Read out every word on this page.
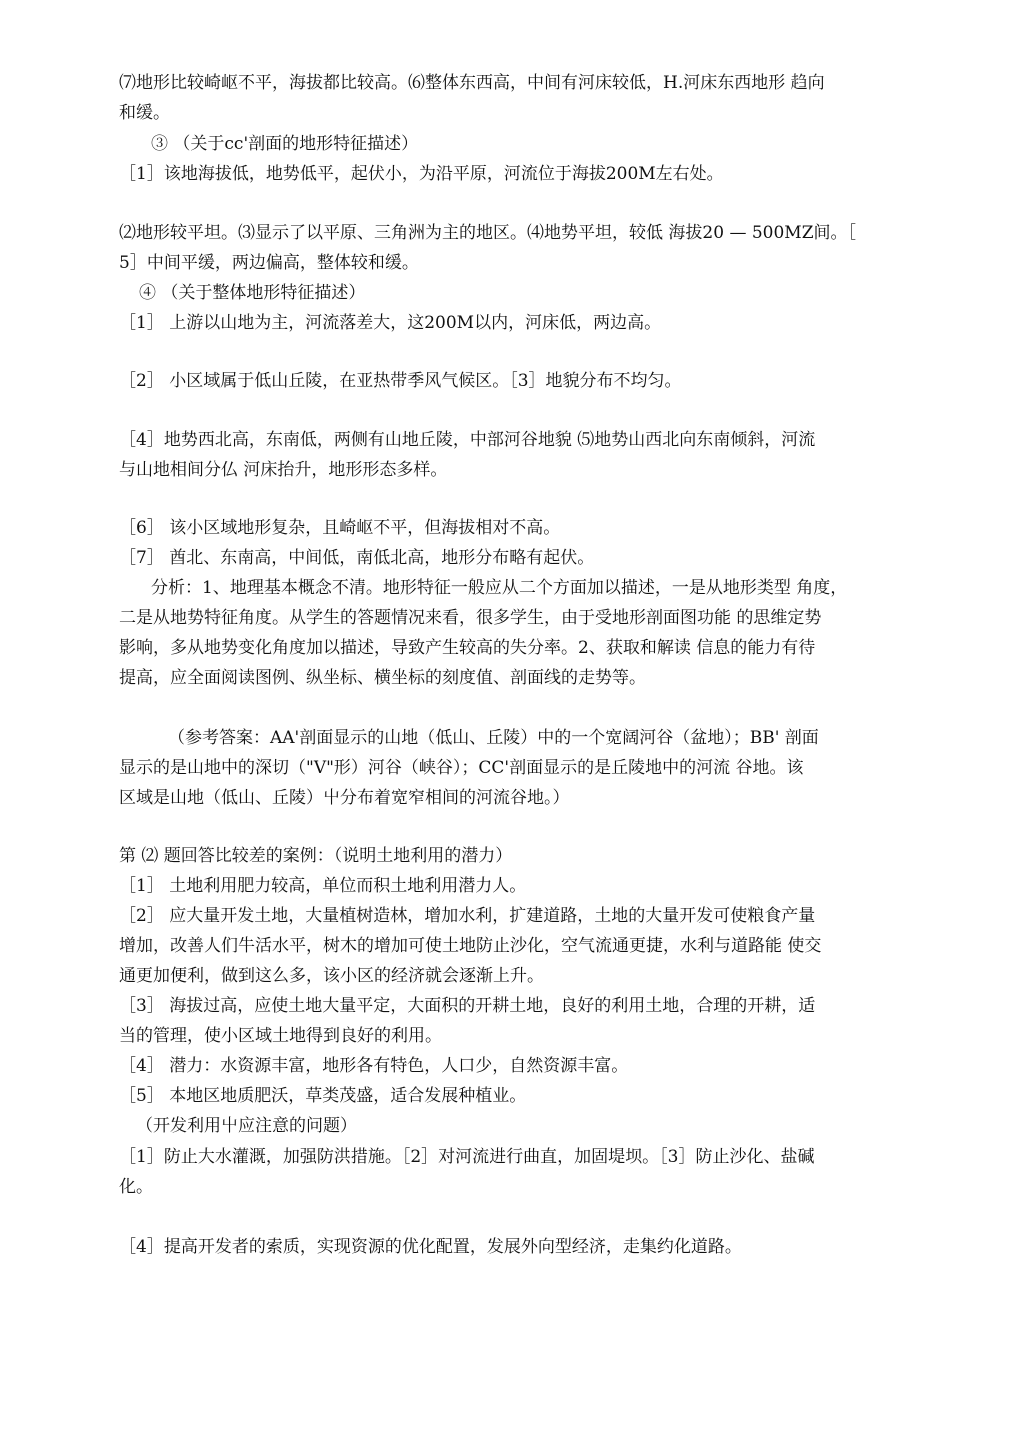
⑺地形比较崎岖不平，海拔都比较高。⑹整体东西高，中间有河床较低，H.河床东西地形 趋向
和缓。
③ （关于cc'剖面的地形特征描述）
［1］该地海拔低，地势低平，起伏小，为沿平原，河流位于海拔200M左右处。
⑵地形较平坦。⑶显示了以平原、三角洲为主的地区。⑷地势平坦，较低 海拔20 — 500MZ间。［
5］中间平缓，两边偏高，整体较和缓。
④ （关于整体地形特征描述）
［1］ 上游以山地为主，河流落差大，这200M以内，河床低，两边高。
［2］ 小区域属于低山丘陵，在亚热带季风气候区。［3］地貌分布不均匀。
［4］地势西北高，东南低，两侧有山地丘陵，中部河谷地貌 ⑸地势山西北向东南倾斜，河流
与山地相间分仏 河床抬升，地形形态多样。
［6］ 该小区域地形复杂，且崎岖不平，但海拔相对不高。
［7］ 酋北、东南高，中间低，南低北高，地形分布略有起伏。
分析：1、地理基本概念不清。地形特征一般应从二个方面加以描述，一是从地形类型 角度，
二是从地势特征角度。从学生的答题情况来看，很多学生，由于受地形剖面图功能 的思维定势
影响，多从地势变化角度加以描述，导致产生较高的失分率。2、获取和解读 信息的能力有待
提高，应全面阅读图例、纵坐标、横坐标的刻度值、剖面线的走势等。
（参考答案：AA'剖面显示的山地（低山、丘陵）中的一个宽阔河谷（盆地）；BB' 剖面
显示的是山地中的深切（"V"形）河谷（峡谷）；CC'剖面显示的是丘陵地中的河流 谷地。该
区域是山地（低山、丘陵）屮分布着宽窄相间的河流谷地。）
第 ⑵ 题回答比较差的案例：（说明土地利用的潜力）
［1］ 土地利用肥力较高，单位而积土地利用潜力人。
［2］ 应大量开发土地，大量植树造林，增加水利，扩建道路，土地的大量开发可使粮食产量
增加，改善人们牛活水平，树木的增加可使土地防止沙化，空气流通更捷，水利与道路能 使交
通更加便利，做到这么多，该小区的经济就会逐渐上升。
［3］ 海拔过高，应使土地大量平定，大面积的开耕土地，良好的利用土地，合理的开耕，适
当的管理，使小区域土地得到良好的利用。
［4］ 潜力：水资源丰富，地形各有特色，人口少，自然资源丰富。
［5］ 本地区地质肥沃，草类茂盛，适合发展种植业。
（开发利用屮应注意的问题）
［1］防止大水灌溉，加强防洪措施。［2］对河流进行曲直，加固堤坝。［3］防止沙化、盐碱
化。
［4］提高开发者的索质，实现资源的优化配置，发展外向型经济，走集约化道路。
